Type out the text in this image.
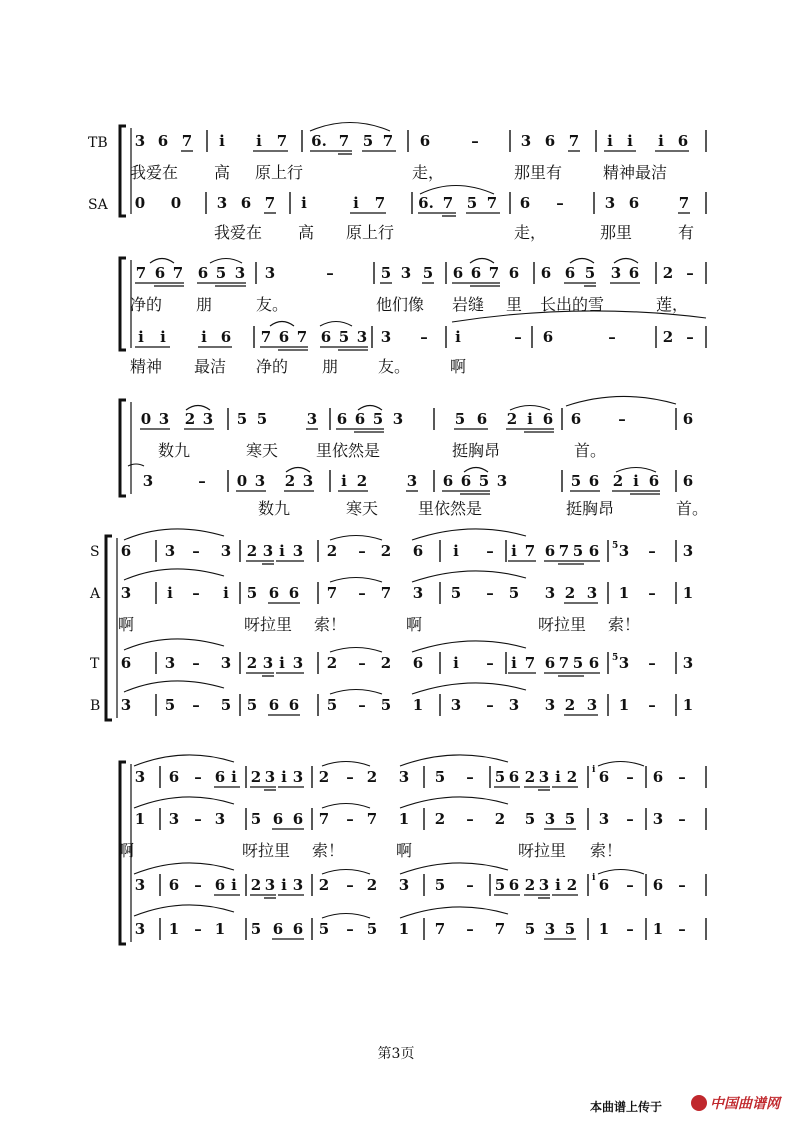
TB
SA
3 6 7 i i 7 6. 7 5 7 6	–	3 6 7 i i i 6
我爱在 高 原上行	走，	那里有	精神最洁
0 0 3 6 7 i	i 7 6. 7 5 7 6 –	3 6	7
我爱在 高 原上行	走，	那里	有
7 6 7 6 5 3 3	–	5 3 5 6 6 7 6 6 6 5 3 6 2 –
净的 朋	友。	他们像 岩缝 里 长出的雪	莲，
i i i 6 7 6 7 6 5 3 3 – i	– 6	–	2 –
精神 最洁 净的 朋 友。 啊
0 3 2 3 5 5	3 6 6 5 3	5 6 2 i 6 6 –	6
数九	寒天 里依然是	挺胸昂	首。
3	– 0 3 2 3 i 2	3 6 6 5 3	5 6 2 i 6 6
数九	寒天 里依然是	挺胸昂	首。
S
A
T
B
6 3 – 3 2 3 i 3 2 – 2 6 i – i 7 6 7 5 6 5 3 – 3
3 i – i 5 6 6 7 – 7 3 5 – 5 3 2 3 1 – 1
啊	呀拉里 索！	啊	呀拉里 索！
6 3 – 3 2 3 i 3 2 – 2 6 i – i 7 6 7 5 6 5 3 – 3
3 5 – 5 5 6 6 5 – 5 1 3 – 3 3 2 3 1 – 1
3 6 – 6 i 2 3 i 3 2 – 2 3 5 – 5 6 2 3 i 2 i 6 – 6 –
1 3 – 3 5 6 6 7 – 7 1 2 – 2 5 3 5 3 – 3 –
啊	呀拉里 索！	啊	呀拉里 索！
3 6 – 6 i 2 3 i 3 2 – 2 3 5 – 5 6 2 3 i 2 i 6 – 6 –
3 1 – 1 5 6 6 5 – 5 1 7 – 7 5 3 5 1 – 1 –
第3页
本曲谱上传于	中国曲谱网
